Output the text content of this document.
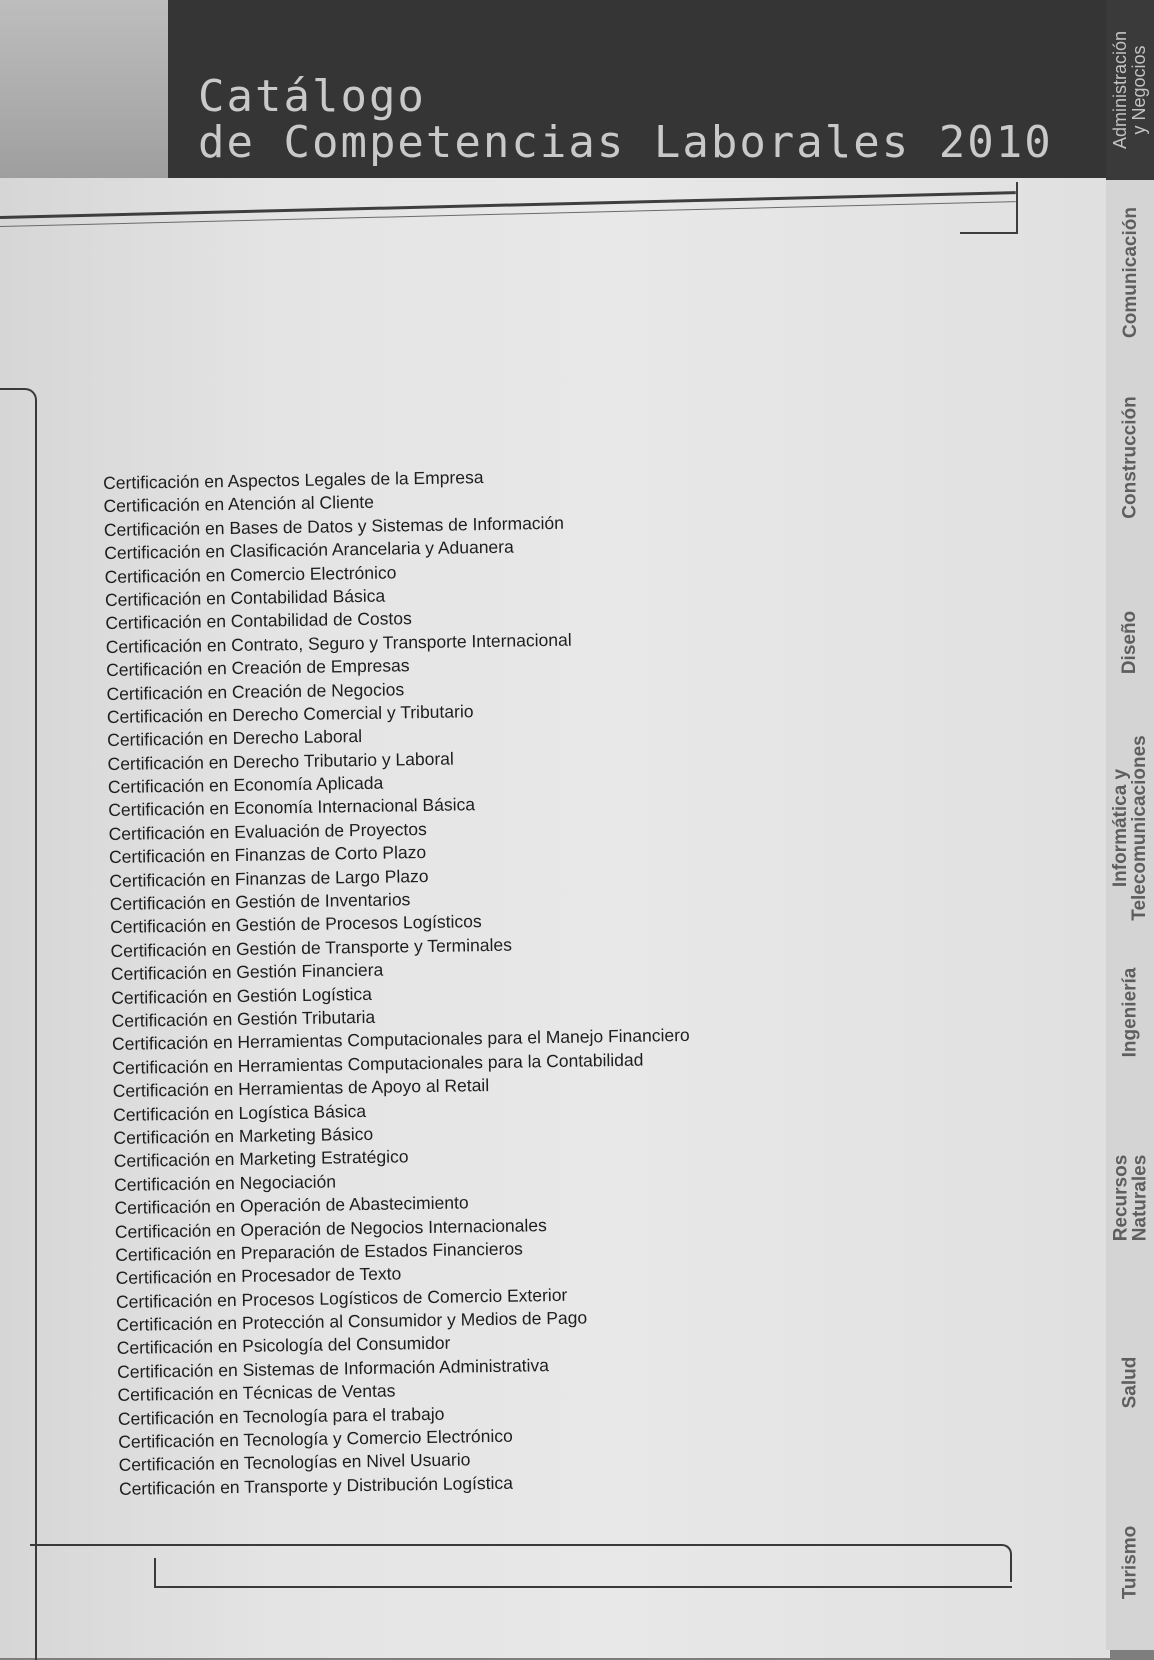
Catálogo
de Competencias Laborales 2010
Certificación en Aspectos Legales de la Empresa
Certificación en Atención al Cliente
Certificación en Bases de Datos y Sistemas de Información
Certificación en Clasificación Arancelaria y Aduanera
Certificación en Comercio Electrónico
Certificación en Contabilidad Básica
Certificación en Contabilidad de Costos
Certificación en Contrato, Seguro y Transporte Internacional
Certificación en Creación de Empresas
Certificación en Creación de Negocios
Certificación en Derecho Comercial y Tributario
Certificación en Derecho Laboral
Certificación en Derecho Tributario y Laboral
Certificación en Economía Aplicada
Certificación en Economía Internacional Básica
Certificación en Evaluación de Proyectos
Certificación en Finanzas de Corto Plazo
Certificación en Finanzas de Largo Plazo
Certificación en Gestión de Inventarios
Certificación en Gestión de Procesos Logísticos
Certificación en Gestión de Transporte y Terminales
Certificación en Gestión Financiera
Certificación en Gestión Logística
Certificación en Gestión Tributaria
Certificación en Herramientas Computacionales para el Manejo Financiero
Certificación en Herramientas Computacionales para la Contabilidad
Certificación en Herramientas de Apoyo al Retail
Certificación en Logística Básica
Certificación en Marketing Básico
Certificación en Marketing Estratégico
Certificación en Negociación
Certificación en Operación de Abastecimiento
Certificación en Operación de Negocios Internacionales
Certificación en Preparación de Estados Financieros
Certificación en Procesador de Texto
Certificación en Procesos Logísticos de Comercio Exterior
Certificación en Protección al Consumidor y Medios de Pago
Certificación en Psicología del Consumidor
Certificación en Sistemas de Información Administrativa
Certificación en Técnicas de Ventas
Certificación en Tecnología para el trabajo
Certificación en Tecnología y Comercio Electrónico
Certificación en Tecnologías en Nivel Usuario
Certificación en Transporte y Distribución Logística
Administración
y Negocios
Comunicación
Construcción
Diseño
Informática y
Telecomunicaciones
Ingeniería
Recursos
Naturales
Salud
Turismo
